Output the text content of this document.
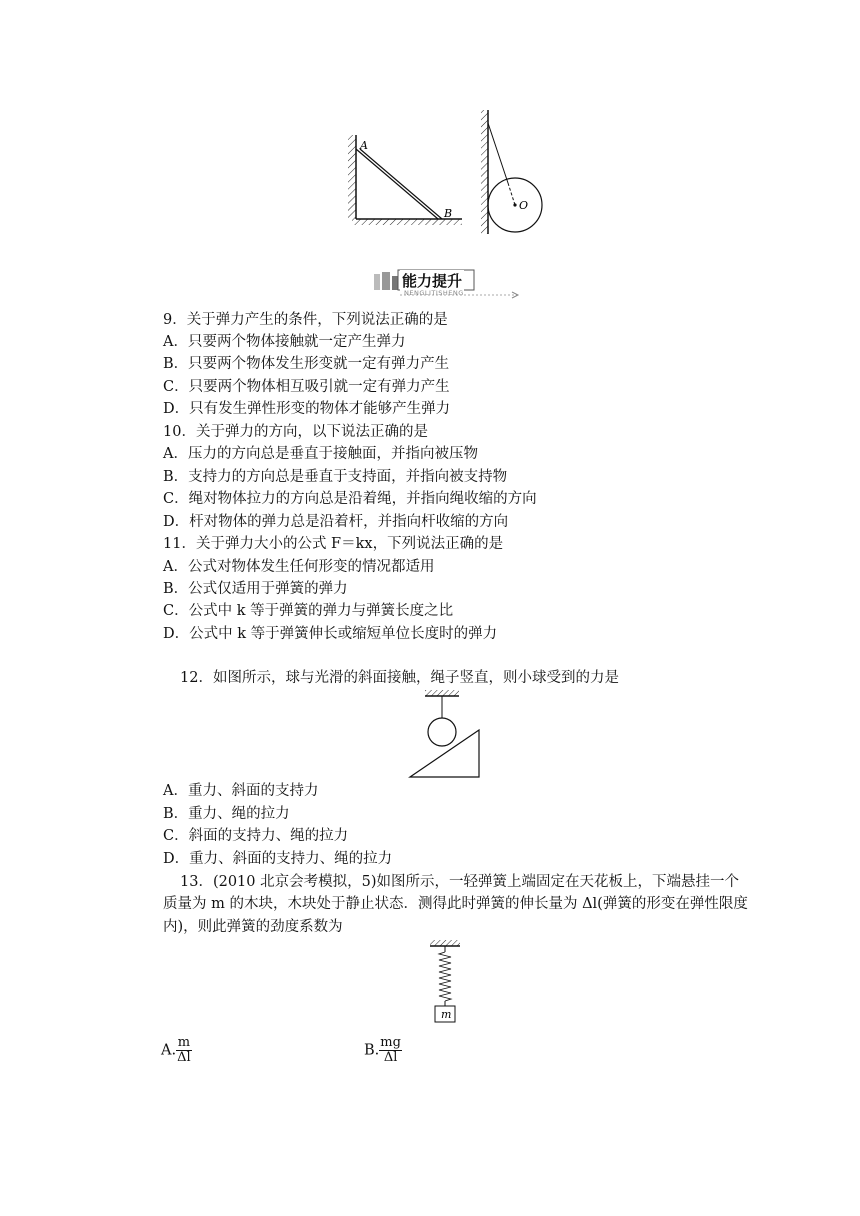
A
B
O
能力提升
NENGLITISHENG
9．关于弹力产生的条件，下列说法正确的是
A．只要两个物体接触就一定产生弹力
B．只要两个物体发生形变就一定有弹力产生
C．只要两个物体相互吸引就一定有弹力产生
D．只有发生弹性形变的物体才能够产生弹力
10．关于弹力的方向，以下说法正确的是
A．压力的方向总是垂直于接触面，并指向被压物
B．支持力的方向总是垂直于支持面，并指向被支持物
C．绳对物体拉力的方向总是沿着绳，并指向绳收缩的方向
D．杆对物体的弹力总是沿着杆，并指向杆收缩的方向
11．关于弹力大小的公式 F＝kx，下列说法正确的是
A．公式对物体发生任何形变的情况都适用
B．公式仅适用于弹簧的弹力
C．公式中 k 等于弹簧的弹力与弹簧长度之比
D．公式中 k 等于弹簧伸长或缩短单位长度时的弹力
12．如图所示，球与光滑的斜面接触，绳子竖直，则小球受到的力是
A．重力、斜面的支持力
B．重力、绳的拉力
C．斜面的支持力、绳的拉力
D．重力、斜面的支持力、绳的拉力
13．(2010 北京会考模拟，5)如图所示，一轻弹簧上端固定在天花板上，下端悬挂一个
质量为 m 的木块，木块处于静止状态．测得此时弹簧的伸长量为 Δl(弹簧的形变在弹性限度
内)，则此弹簧的劲度系数为
m
A. $\frac{m}{\Delta l}$	B. $\frac{mg}{\Delta l}$
